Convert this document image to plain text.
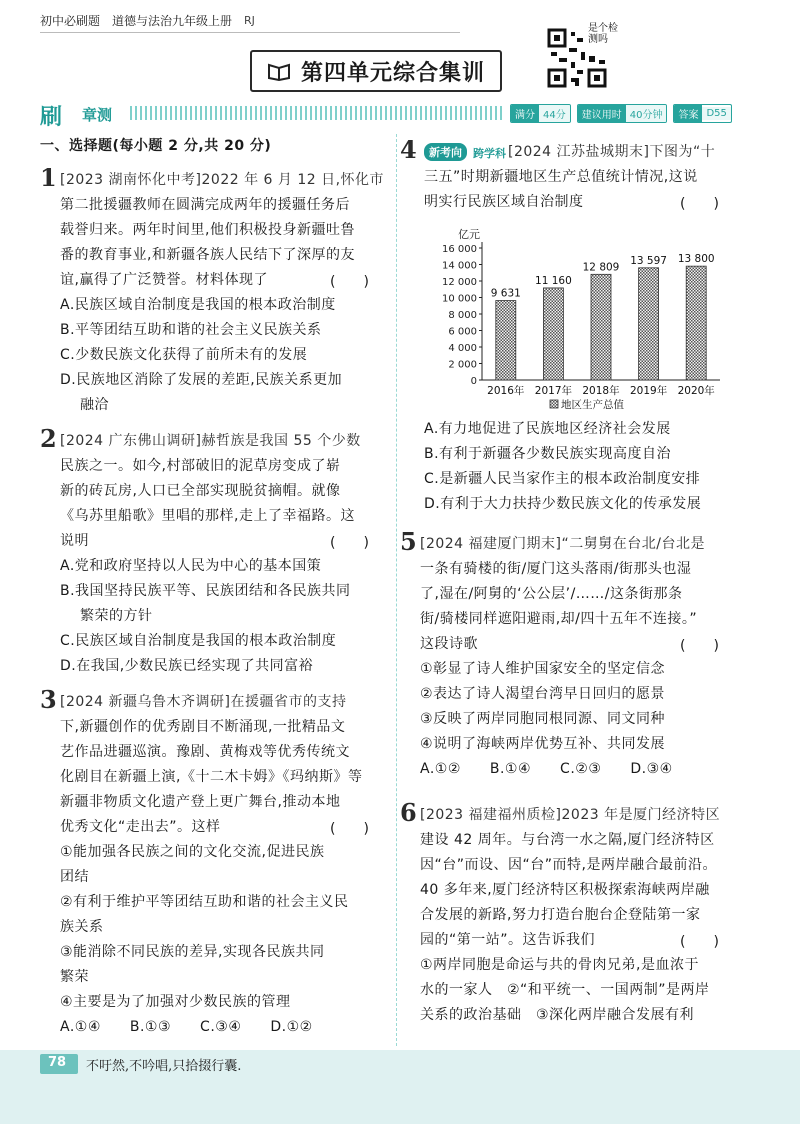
初中必刷题 道德与法治九年级上册 RJ
第四单元综合集训
是个检测吗
刷	章测	满分 44分	建议用时 40分钟	答案 D55
一、选择题(每小题 2 分,共 20 分)
1 [2023 湖南怀化中考]2022 年 6 月 12 日,怀化市
第二批援疆教师在圆满完成两年的援疆任务后
载誉归来。两年时间里,他们积极投身新疆吐鲁
番的教育事业,和新疆各族人民结下了深厚的友
谊,赢得了广泛赞誉。材料体现了	(　　)
A.民族区域自治制度是我国的根本政治制度
B.平等团结互助和谐的社会主义民族关系
C.少数民族文化获得了前所未有的发展
D.民族地区消除了发展的差距,民族关系更加
融洽
2 [2024 广东佛山调研]赫哲族是我国 55 个少数
民族之一。如今,村部破旧的泥草房变成了崭
新的砖瓦房,人口已全部实现脱贫摘帽。就像
《乌苏里船歌》里唱的那样,走上了幸福路。这
说明	(　　)
A.党和政府坚持以人民为中心的基本国策
B.我国坚持民族平等、民族团结和各民族共同
繁荣的方针
C.民族区域自治制度是我国的根本政治制度
D.在我国,少数民族已经实现了共同富裕
3 [2024 新疆乌鲁木齐调研]在援疆省市的支持
下,新疆创作的优秀剧目不断涌现,一批精品文
艺作品进疆巡演。豫剧、黄梅戏等优秀传统文
化剧目在新疆上演,《十二木卡姆》《玛纳斯》等
新疆非物质文化遗产登上更广舞台,推动本地
优秀文化“走出去”。这样	(　　)
①能加强各民族之间的文化交流,促进民族
团结
②有利于维护平等团结互助和谐的社会主义民
族关系
③能消除不同民族的差异,实现各民族共同
繁荣
④主要是为了加强对少数民族的管理
A.①④　　B.①③　　C.③④　　D.①②
4	新考向	跨学科 [2024 江苏盐城期末]下图为“十
三五”时期新疆地区生产总值统计情况,这说
明实行民族区域自治制度	(　　)
亿元
0
2 000
4 000
6 000
8 000
10 000
12 000
14 000
16 000
9 631
2016年
11 160
2017年
12 809
2018年
13 597
2019年
13 800
2020年
地区生产总值
A.有力地促进了民族地区经济社会发展
B.有利于新疆各少数民族实现高度自治
C.是新疆人民当家作主的根本政治制度安排
D.有利于大力扶持少数民族文化的传承发展
5 [2024 福建厦门期末]“二舅舅在台北/台北是
一条有骑楼的街/厦门这头落雨/街那头也湿
了,湿在/阿舅的‘公公层’/……/这条街那条
街/骑楼同样遮阳避雨,却/四十五年不连接。”
这段诗歌	(　　)
①彰显了诗人维护国家安全的坚定信念
②表达了诗人渴望台湾早日回归的愿景
③反映了两岸同胞同根同源、同文同种
④说明了海峡两岸优势互补、共同发展
A.①②　　B.①④　　C.②③　　D.③④
6 [2023 福建福州质检]2023 年是厦门经济特区
建设 42 周年。与台湾一水之隔,厦门经济特区
因“台”而设、因“台”而特,是两岸融合最前沿。
40 多年来,厦门经济特区积极探索海峡两岸融
合发展的新路,努力打造台胞台企登陆第一家
园的“第一站”。这告诉我们	(　　)
①两岸同胞是命运与共的骨肉兄弟,是血浓于
水的一家人　②“和平统一、一国两制”是两岸
关系的政治基础　③深化两岸融合发展有利
78 不吁然,不吟唱,只拾掇行囊.
